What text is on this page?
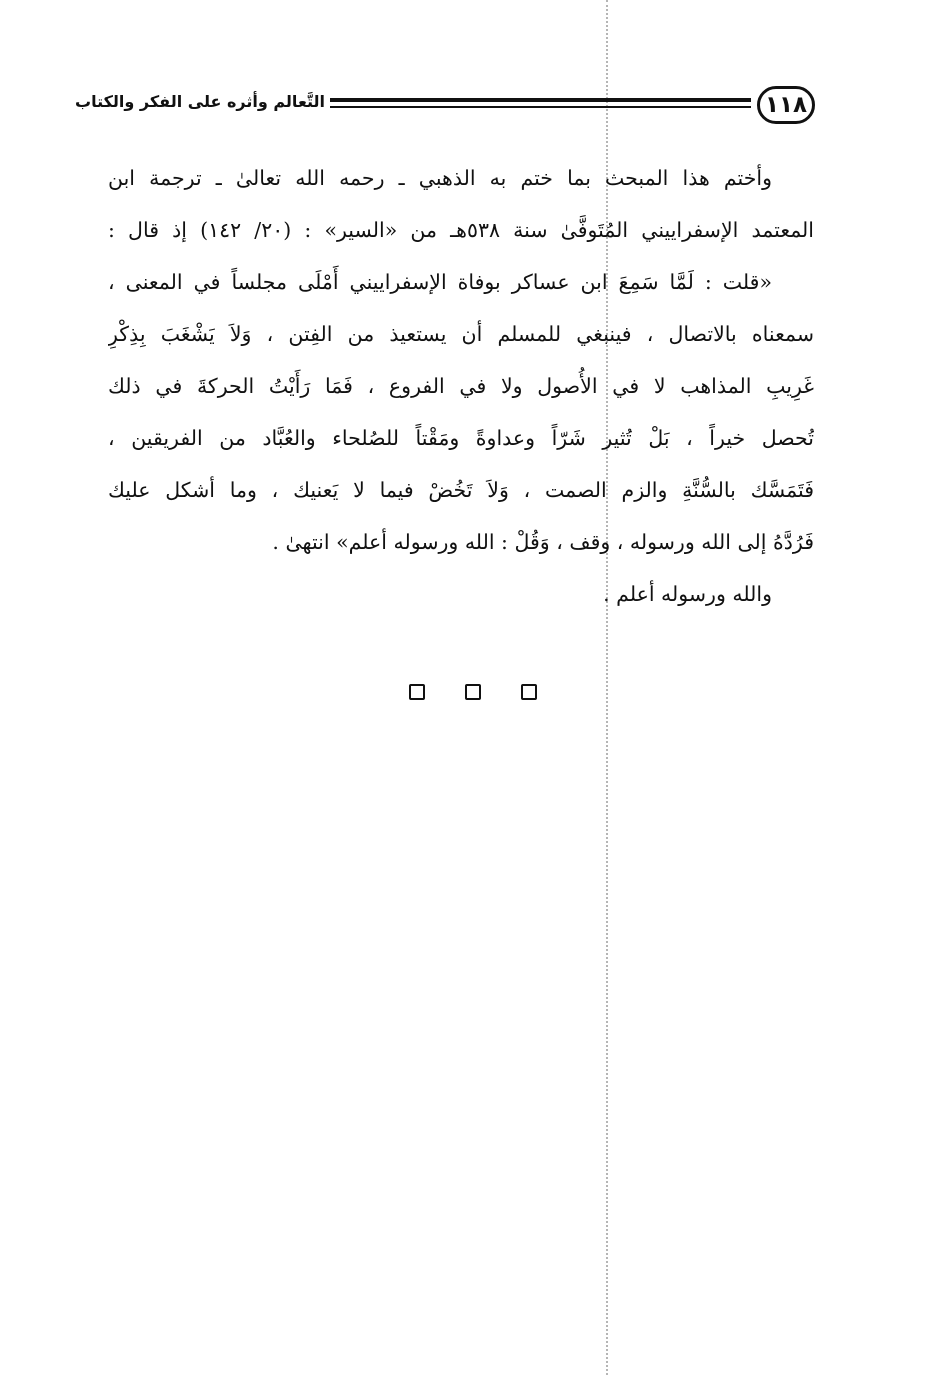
١١٨
التَّعالم وأثره على الفكر والكتاب
وأختم هذا المبحث بما ختم به الذهبي ـ رحمه الله تعالىٰ ـ ترجمة ابن
المعتمد الإسفراييني المُتَوفَّىٰ سنة ٥٣٨هـ من «السير» : (٢٠/ ١٤٢) إذ قال :
«قلت : لَمَّا سَمِعَ ابن عساكر بوفاة الإسفراييني أَمْلَى مجلساً في المعنى ،
سمعناه بالاتصال ، فينبغي للمسلم أن يستعيذ من الفِتن ، وَلاَ يَشْغَبَ بِذِكْرِ
غَرِيبِ المذاهب لا في الأُصول ولا في الفروع ، فَمَا رَأَيْتُ الحركةَ في ذلك
تُحصل خيراً ، بَلْ تُثير شَرّاً وعداوةً ومَقْتاً للصُلحاء والعُبَّاد من الفريقين ،
فَتَمَسَّك بالسُّنَّةِ والزم الصمت ، وَلاَ تَخُضْ فيما لا يَعنيك ، وما أشكل عليك
فَرُدَّهُ إلى الله ورسوله ، وقف ، وَقُلْ : الله ورسوله أعلم» انتهىٰ .
والله ورسوله أعلم .
